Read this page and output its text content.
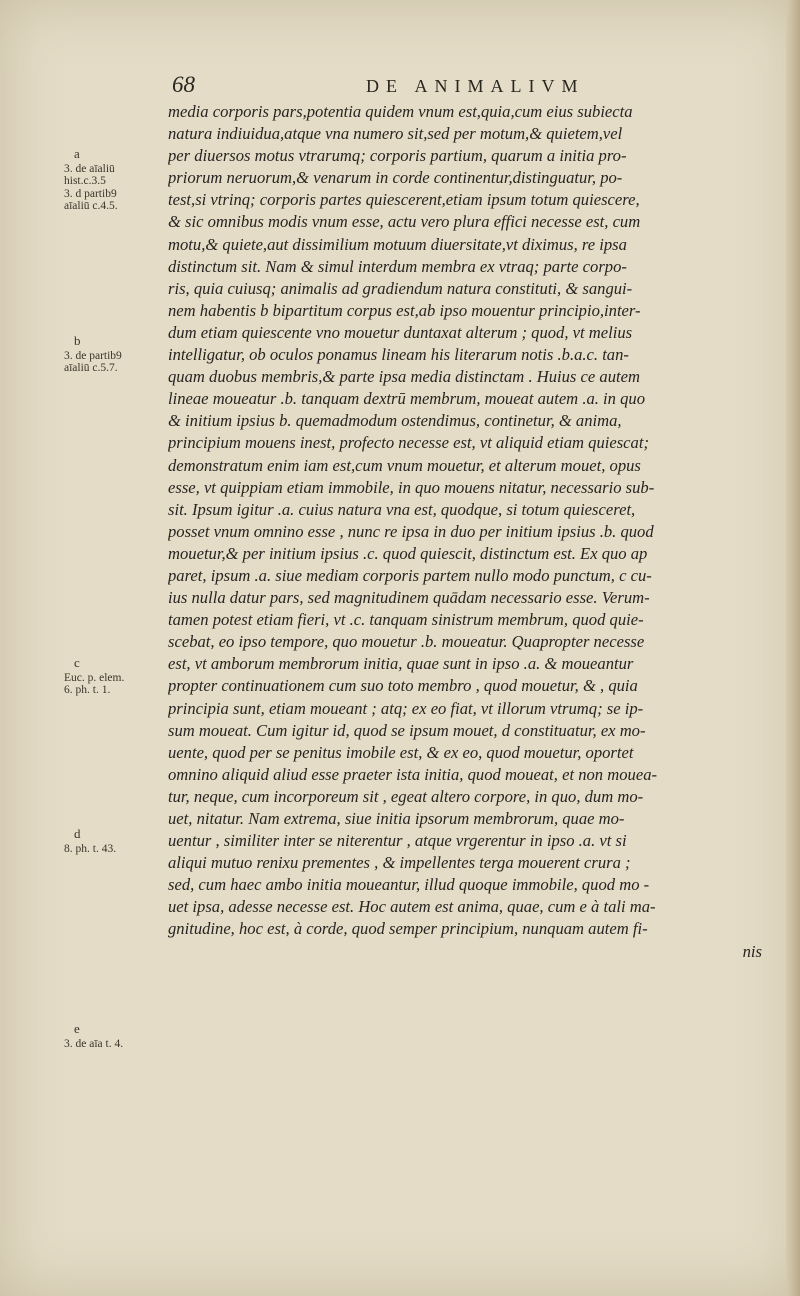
68	DE ANIMALIVM
media corporis pars,potentia quidem vnum est,quia,cum eius subiecta
natura indiuidua,atque vna numero sit,sed per motum,& quietem,vel
per diuersos motus vtrarumq; corporis partium, quarum a initia pro-
priorum neruorum,& venarum in corde continentur,distinguatur, po-
test,si vtrinq; corporis partes quiescerent,etiam ipsum totum quiescere,
& sic omnibus modis vnum esse, actu vero plura effici necesse est, cum
motu,& quiete,aut dissimilium motuum diuersitate,vt diximus, re ipsa
distinctum sit. Nam & simul interdum membra ex vtraq; parte corpo-
ris, quia cuiusq; animalis ad gradiendum natura constituti, & sangui-
nem habentis b bipartitum corpus est,ab ipso mouentur principio,inter-
dum etiam quiescente vno mouetur duntaxat alterum ; quod, vt melius
intelligatur, ob oculos ponamus lineam his literarum notis .b.a.c. tan-
quam duobus membris,& parte ipsa media distinctam . Huius ce autem
lineae moueatur .b. tanquam dextrū membrum, moueat autem .a. in quo
& initium ipsius b. quemadmodum ostendimus, continetur, & anima,
principium mouens inest, profecto necesse est, vt aliquid etiam quiescat;
demonstratum enim iam est,cum vnum mouetur, et alterum mouet, opus
esse, vt quippiam etiam immobile, in quo mouens nitatur, necessario sub-
sit. Ipsum igitur .a. cuius natura vna est, quodque, si totum quiesceret,
posset vnum omnino esse , nunc re ipsa in duo per initium ipsius .b. quod
mouetur,& per initium ipsius .c. quod quiescit, distinctum est. Ex quo ap
paret, ipsum .a. siue mediam corporis partem nullo modo punctum, c cu-
ius nulla datur pars, sed magnitudinem quādam necessario esse. Verum-
tamen potest etiam fieri, vt .c. tanquam sinistrum membrum, quod quie-
scebat, eo ipso tempore, quo mouetur .b. moueatur. Quapropter necesse
est, vt amborum membrorum initia, quae sunt in ipso .a. & moueantur
propter continuationem cum suo toto membro , quod mouetur, & , quia
principia sunt, etiam moueant ; atq; ex eo fiat, vt illorum vtrumq; se ip-
sum moueat. Cum igitur id, quod se ipsum mouet, d constituatur, ex mo-
uente, quod per se penitus imobile est, & ex eo, quod mouetur, oportet
omnino aliquid aliud esse praeter ista initia, quod moueat, et non mouea-
tur, neque, cum incorporeum sit , egeat altero corpore, in quo, dum mo-
uet, nitatur. Nam extrema, siue initia ipsorum membrorum, quae mo-
uentur , similiter inter se niterentur , atque vrgerentur in ipso .a. vt si
aliqui mutuo renixu prementes , & impellentes terga mouerent crura ;
sed, cum haec ambo initia moueantur, illud quoque immobile, quod mo -
uet ipsa, adesse necesse est. Hoc autem est anima, quae, cum e à tali ma-
gnitudine, hoc est, à corde, quod semper principium, nunquam autem fi-
nis
a
3. de aīaliū
hist.c.3.5
3. d partib9
aīaliū c.4.5.
b
3. de partib9
aīaliū c.5.7.
c
Euc. p. elem.
6. ph. t. 1.
d
8. ph. t. 43.
e
3. de aīa t. 4.
